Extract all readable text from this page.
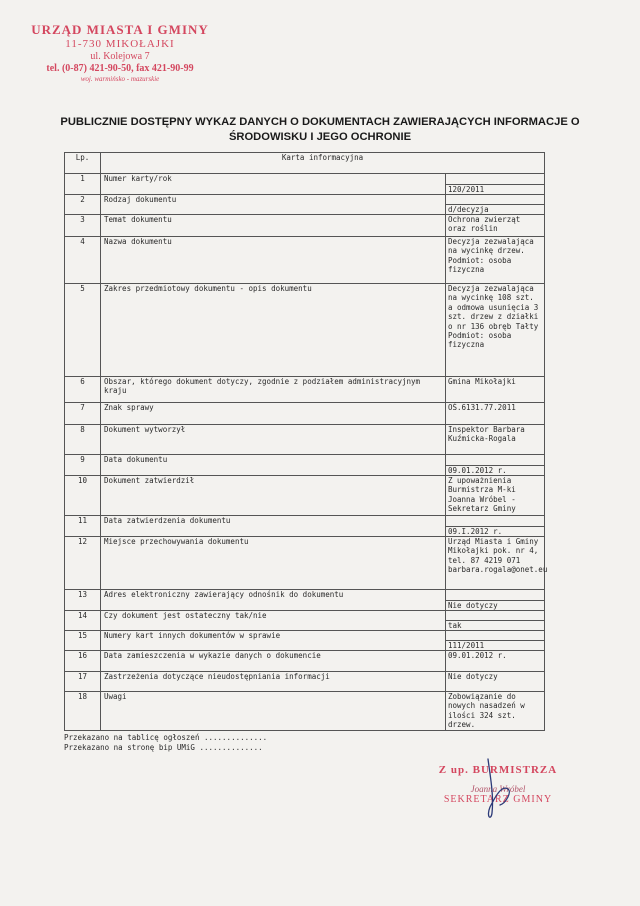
URZĄD MIASTA I GMINY
11-730 MIKOŁAJKI
ul. Kolejowa 7
tel. (0-87) 421-90-50, fax 421-90-99
woj. warmińsko - mazurskie
PUBLICZNIE DOSTĘPNY WYKAZ DANYCH O DOKUMENTACH ZAWIERAJĄCYCH INFORMACJE O
ŚRODOWISKU I JEGO OCHRONIE
Lp.	Karta informacyjna	
1	Numer karty/rok	120/2011

2	Rodzaj dokumentu	d/decyzja

3	Temat dokumentu	Ochrona zwierząt oraz roślin

4	Nazwa dokumentu	Decyzja zezwalająca na wycinkę drzew. Podmiot: osoba fizyczna

5	Zakres przedmiotowy dokumentu - opis dokumentu	Decyzja zezwalająca na wycinkę 108 szt. a odmowa usunięcia 3 szt. drzew z działki o nr 136 obręb Tałty Podmiot: osoba fizyczna

6	Obszar, którego dokument dotyczy, zgodnie z podziałem administracyjnym kraju	Gmina Mikołajki

7	Znak sprawy	OŚ.6131.77.2011

8	Dokument wytworzył	Inspektor Barbara Kuźmicka-Rogala

9	Data dokumentu	09.01.2012 r.

10	Dokument zatwierdził	Z upoważnienia Burmistrza M-ki Joanna Wróbel - Sekretarz Gminy

11	Data zatwierdzenia dokumentu	09.I.2012 r.

12	Miejsce przechowywania dokumentu	Urząd Miasta i Gminy Mikołajki pok. nr 4, tel. 87 4219 071 barbara.rogala@onet.eu

13	Adres elektroniczny zawierający odnośnik do dokumentu	Nie dotyczy

14	Czy dokument jest ostateczny tak/nie	tak

15	Numery kart innych dokumentów w sprawie	111/2011

16	Data zamieszczenia w wykazie danych o dokumencie	09.01.2012 r.

17	Zastrzeżenia dotyczące nieudostępniania informacji	Nie dotyczy

18	Uwagi	Zobowiązanie do nowych nasadzeń w ilości 324 szt. drzew.
Przekazano na tablicę ogłoszeń ..............
Przekazano na stronę bip UMiG ..............
Z up. BURMISTRZA
Joanna Wróbel
SEKRETARZ GMINY
